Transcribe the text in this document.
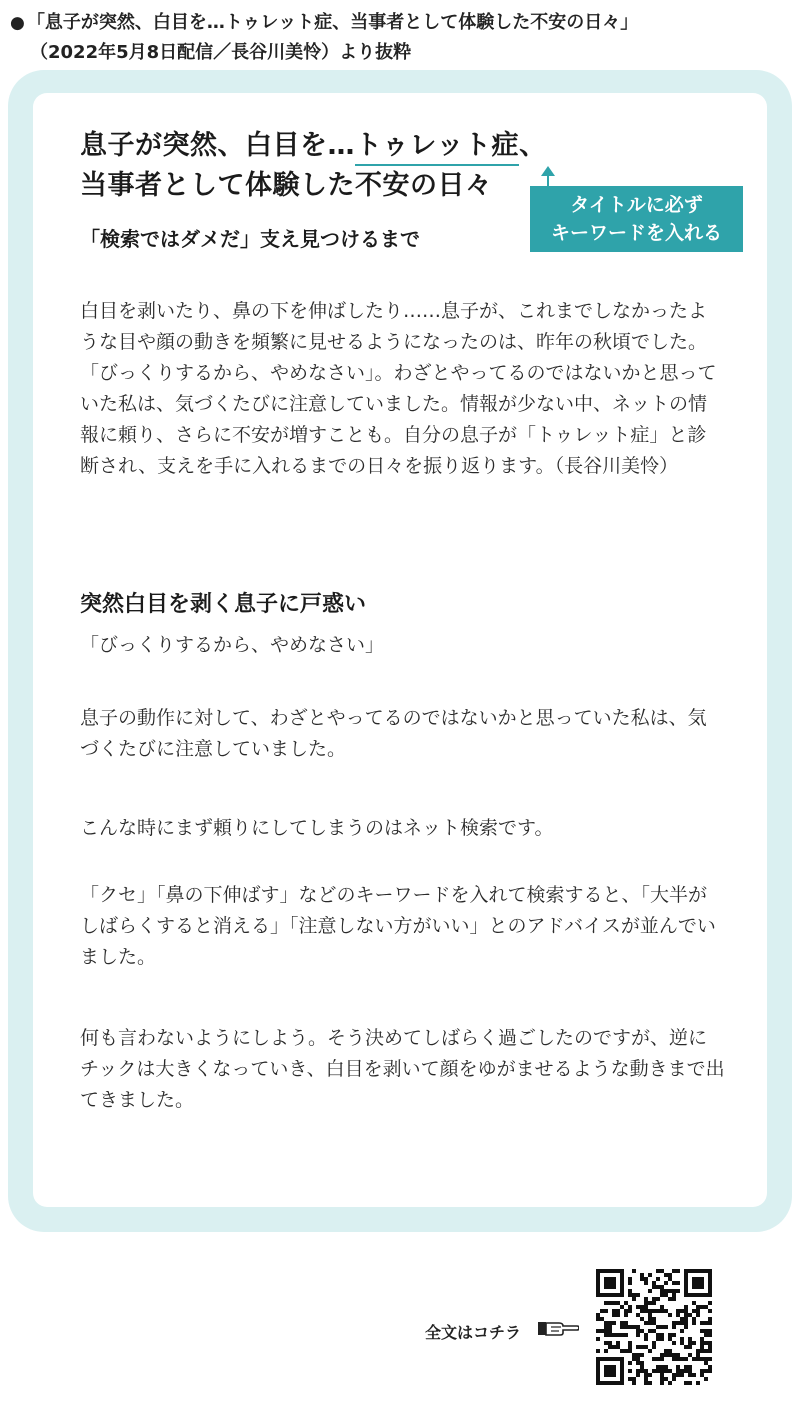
● 「息子が突然、白目を…トゥレット症、当事者として体験した不安の日々」
（2022年5月8日配信／長谷川美怜）より抜粋
息子が突然、白目を…トゥレット症、
当事者として体験した不安の日々
タイトルに必ず
キーワードを入れる
「検索ではダメだ」支え見つけるまで
白目を剥いたり、鼻の下を伸ばしたり……息子が、これまでしなかったような目や顔の動きを頻繁に見せるようになったのは、昨年の秋頃でした。「びっくりするから、やめなさい」。わざとやってるのではないかと思っていた私は、気づくたびに注意していました。情報が少ない中、ネットの情報に頼り、さらに不安が増すことも。自分の息子が「トゥレット症」と診断され、支えを手に入れるまでの日々を振り返ります。（長谷川美怜）
突然白目を剥く息子に戸惑い
「びっくりするから、やめなさい」
息子の動作に対して、わざとやってるのではないかと思っていた私は、気づくたびに注意していました。
こんな時にまず頼りにしてしまうのはネット検索です。
「クセ」「鼻の下伸ばす」などのキーワードを入れて検索すると、「大半がしばらくすると消える」「注意しない方がいい」とのアドバイスが並んでいました。
何も言わないようにしよう。そう決めてしばらく過ごしたのですが、逆にチックは大きくなっていき、白目を剥いて顔をゆがませるような動きまで出てきました。
全文はコチラ
